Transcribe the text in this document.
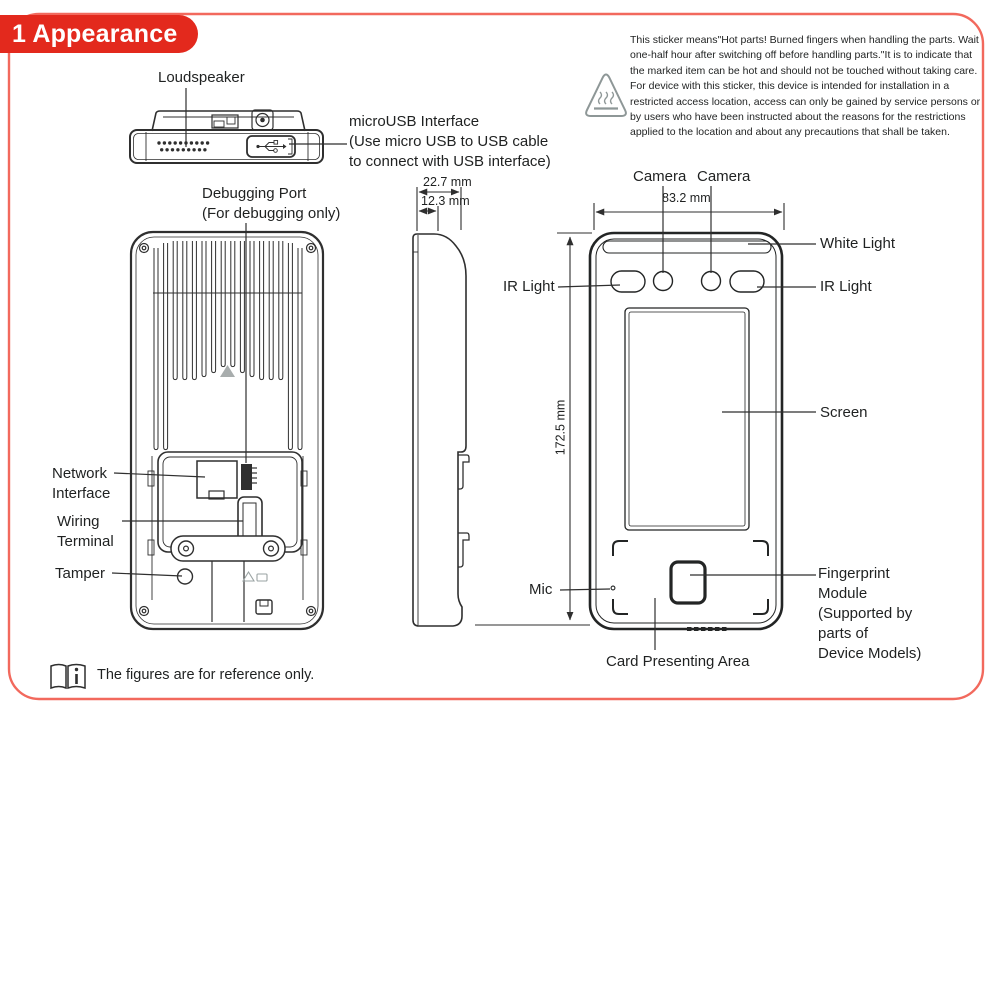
1 Appearance	This sticker means"Hot parts! Burned fingers when handling the parts. Wait one-half hour after switching off before handling parts."It is to indicate that the marked item can be hot and should not be touched without taking care. For device with this sticker, this device is intended for installation in a restricted access location, access can only be gained by service persons or by users who have been instructed about the reasons for the restrictions applied to the location and about any precautions that shall be taken.
Loudspeaker
microUSB Interface
(Use micro USB to USB cable
to connect with USB interface)
Debugging Port
(For debugging only)
22.7 mm
12.3 mm
Camera Camera
83.2 mm
172.5 mm
IR Light
White Light
IR Light
Screen
Fingerprint
Module
(Supported by
parts of
Device Models)
Mic
Card Presenting Area
Network
Interface
Wiring
Terminal
Tamper
The figures are for reference only.
